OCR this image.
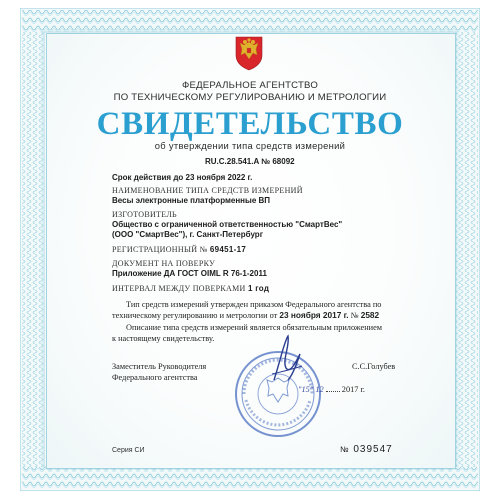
ФЕДЕРАЛЬНОЕ АГЕНТСТВО
ПО ТЕХНИЧЕСКОМУ РЕГУЛИРОВАНИЮ И МЕТРОЛОГИИ
СВИДЕТЕЛЬСТВО
об утверждении типа средств измерений
RU.C.28.541.A № 68092
Срок действия до 23 ноября 2022 г.
НАИМЕНОВАНИЕ ТИПА СРЕДСТВ ИЗМЕРЕНИЙ
Весы электронные платформенные ВП
ИЗГОТОВИТЕЛЬ
Общество с ограниченной ответственностью "СмартВес"
(ООО "СмартВес"), г. Санкт-Петербург
РЕГИСТРАЦИОННЫЙ № 69451-17
ДОКУМЕНТ НА ПОВЕРКУ
Приложение ДА ГОСТ OIML R 76-1-2011
ИНТЕРВАЛ МЕЖДУ ПОВЕРКАМИ 1 год
Тип средств измерений утвержден приказом Федерального агентства по
техническому регулированию и метрологии от 23 ноября 2017 г. № 2582
Описание типа средств измерений является обязательным приложением
к настоящему свидетельству.
Заместитель Руководителя
Федерального агентства
С.С.Голубев
"15" 12 2017 г.
Серия СИ	№ 039547
